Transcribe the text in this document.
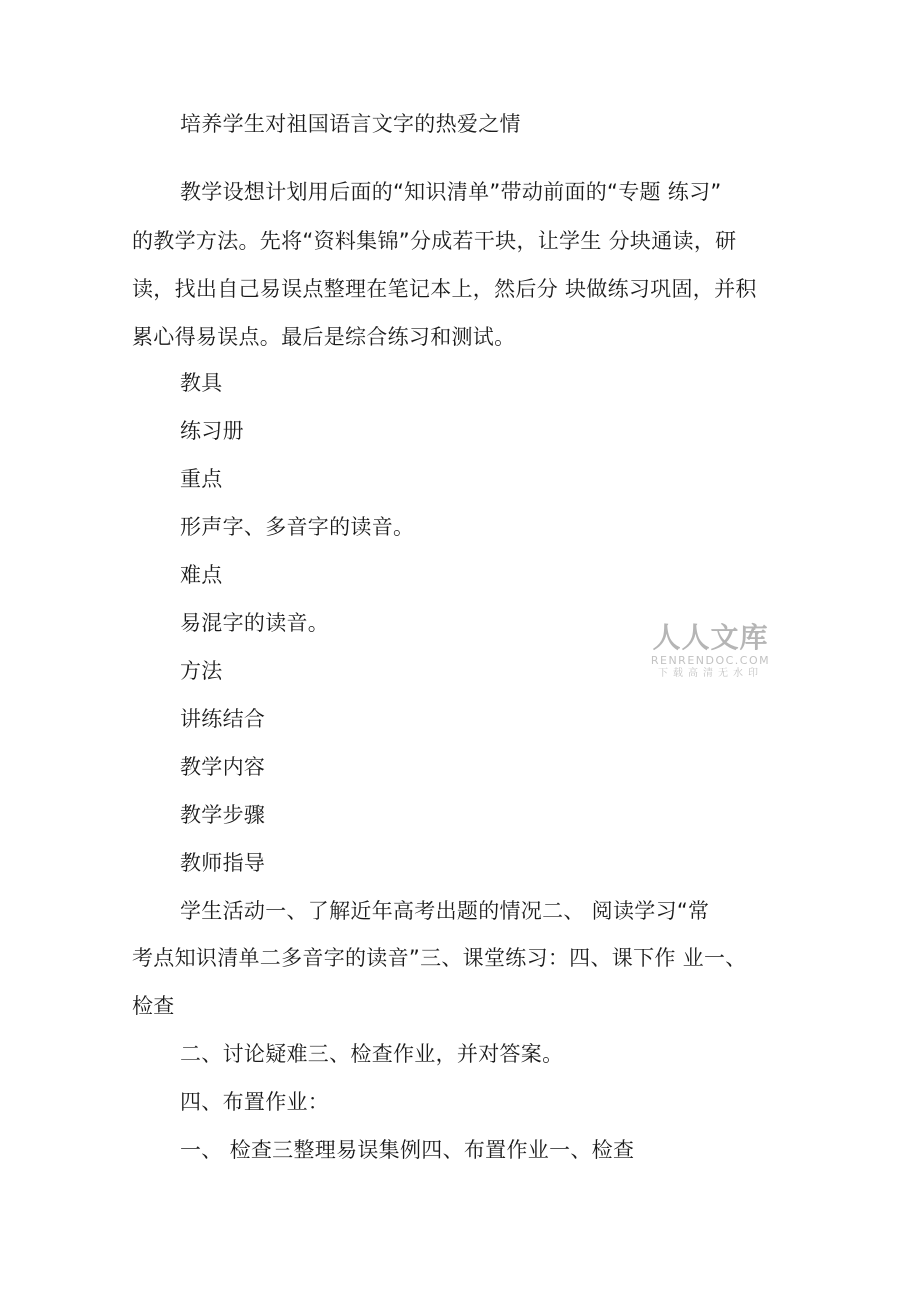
培养学生对祖国语言文字的热爱之情
教学设想计划用后面的“知识清单”带动前面的“专题 练习”
的教学方法。先将“资料集锦”分成若干块，让学生 分块通读，研
读，找出自己易误点整理在笔记本上，然后分 块做练习巩固，并积
累心得易误点。最后是综合练习和测试。
教具
练习册
重点
形声字、多音字的读音。
难点
易混字的读音。
方法
讲练结合
教学内容
教学步骤
教师指导
学生活动一、了解近年高考出题的情况二、 阅读学习“常
考点知识清单二多音字的读音”三、课堂练习：四、课下作 业一、
检查
二、讨论疑难三、检查作业，并对答案。
四、布置作业：
一、 检查三整理易误集例四、布置作业一、检查
人人文库
RENRENDOC.COM
下载高清无水印
